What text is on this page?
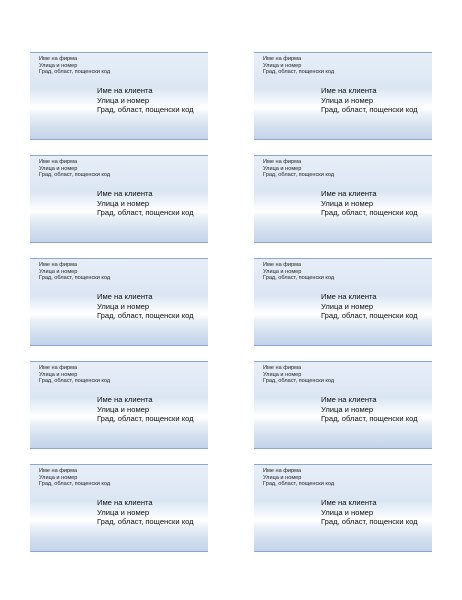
Име на фирма
Улица и номер
Град, област, пощенски код
Име на клиента
Улица и номер
Град, област, пощенски код
Име на фирма
Улица и номер
Град, област, пощенски код
Име на клиента
Улица и номер
Град, област, пощенски код
Име на фирма
Улица и номер
Град, област, пощенски код
Име на клиента
Улица и номер
Град, област, пощенски код
Име на фирма
Улица и номер
Град, област, пощенски код
Име на клиента
Улица и номер
Град, област, пощенски код
Име на фирма
Улица и номер
Град, област, пощенски код
Име на клиента
Улица и номер
Град, област, пощенски код
Име на фирма
Улица и номер
Град, област, пощенски код
Име на клиента
Улица и номер
Град, област, пощенски код
Име на фирма
Улица и номер
Град, област, пощенски код
Име на клиента
Улица и номер
Град, област, пощенски код
Име на фирма
Улица и номер
Град, област, пощенски код
Име на клиента
Улица и номер
Град, област, пощенски код
Име на фирма
Улица и номер
Град, област, пощенски код
Име на клиента
Улица и номер
Град, област, пощенски код
Име на фирма
Улица и номер
Град, област, пощенски код
Име на клиента
Улица и номер
Град, област, пощенски код
